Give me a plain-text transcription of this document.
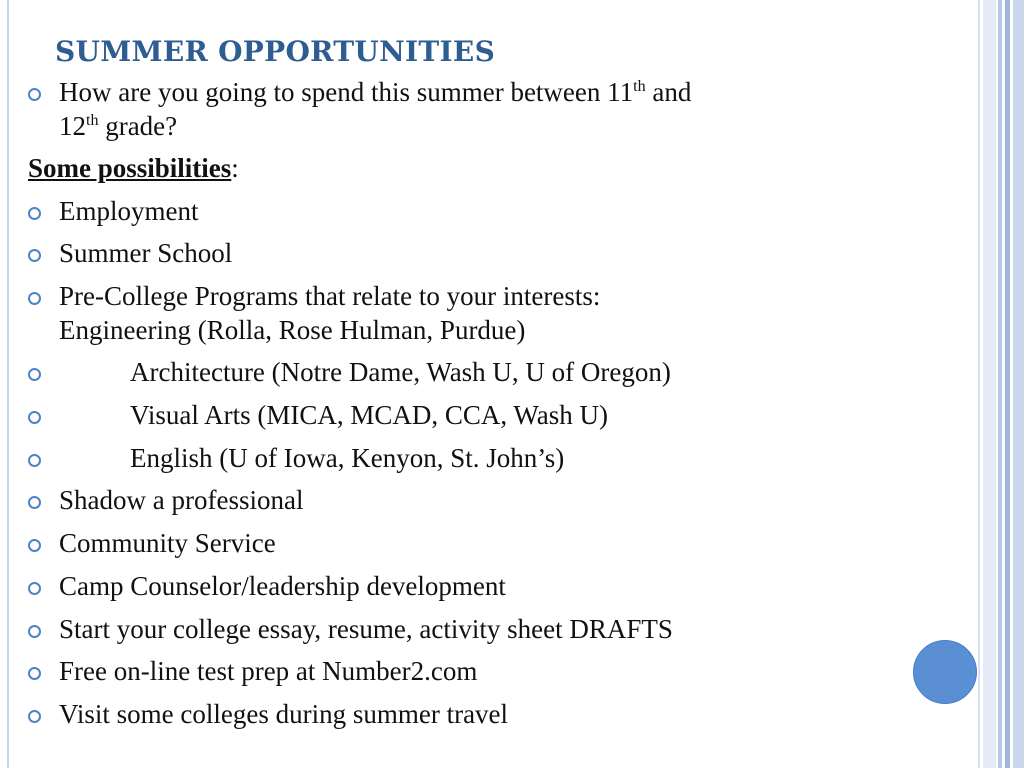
SUMMER OPPORTUNITIES
How are you going to spend this summer between 11th and
12th grade?
Some possibilities:
Employment
Summer School
Pre-College Programs that relate to your interests:
Engineering (Rolla, Rose Hulman, Purdue)
Architecture (Notre Dame, Wash U, U of Oregon)
Visual Arts (MICA, MCAD, CCA, Wash U)
English (U of Iowa, Kenyon, St. John’s)
Shadow a professional
Community Service
Camp Counselor/leadership development
Start your college essay, resume, activity sheet DRAFTS
Free on-line test prep at Number2.com
Visit some colleges during summer travel
